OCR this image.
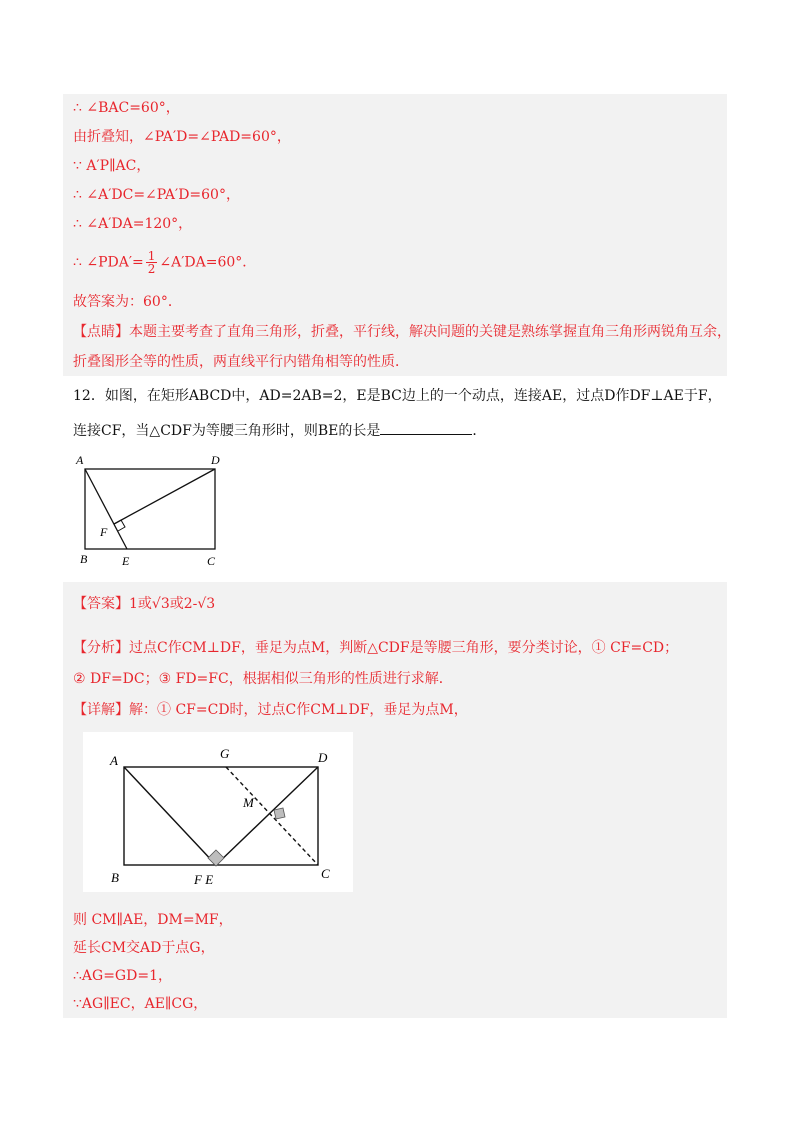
∴ ∠BAC=60°，
由折叠知，∠PA′D=∠PAD=60°，
∵ A′P∥AC，
∴ ∠A′DC=∠PA′D=60°，
∴ ∠A′DA=120°，
∴ ∠PDA′= $\frac{1}{2}$ ∠A′DA=60°．
故答案为：60°．
【点睛】本题主要考查了直角三角形，折叠，平行线，解决问题的关键是熟练掌握直角三角形两锐角互余，
折叠图形全等的性质，两直线平行内错角相等的性质．
12．如图，在矩形ABCD中，AD=2AB=2，E是BC边上的一个动点，连接AE，过点D作DF⊥AE于F，
连接CF，当△CDF为等腰三角形时，则BE的长是	．
A	D
F
B	E	C
【答案】1或√3或2-√3
【分析】过点C作CM⊥DF，垂足为点M，判断△CDF是等腰三角形，要分类讨论，① CF=CD；
② DF=DC；③ FD=FC，根据相似三角形的性质进行求解．
【详解】解：① CF=CD时，过点C作CM⊥DF，垂足为点M，
A	G	D
M
B	F E	C
则 CM∥AE，DM=MF，
延长CM交AD于点G，
∴AG=GD=1，
∵AG∥EC，AE∥CG，
